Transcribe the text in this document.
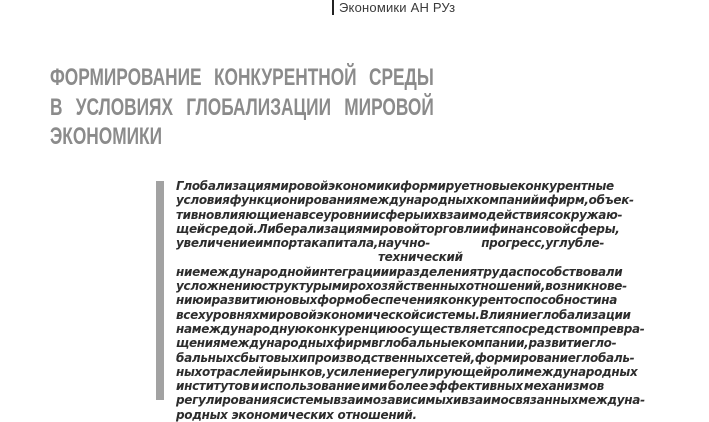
Экономики АН РУз
ФОРМИРОВАНИЕ КОНКУРЕНТНОЙ СРЕДЫ
В УСЛОВИЯХ ГЛОБАЛИЗАЦИИ МИРОВОЙ
ЭКОНОМИКИ
Глобализация мировой экономики формирует новые конкурентные
условия функционирования международных компаний и фирм, объек-
тивно влияющие на все уровни и сферы их взаимодействия с окружаю-
щей средой. Либерализация мировой торговли и финансовой сферы,
увеличение импорта капитала, научно-технический
прогресс, углубле-
ние международной интеграции и разделения труда способствовали
усложнению структуры мирохозяйственных отношений, возникнове-
нию и развитию новых форм обеспечения конкурентоспособности на
всех уровнях мировой экономической системы. Влияние глобализации
на международную конкуренцию осуществляется посредством превра-
щения международных фирм в глобальные компании, развитие гло-
бальных сбытовых и производственных сетей, формирование глобаль-
ных отраслей и рынков, усиление регулирующей роли международных
институтов и использование ими более эффективных механизмов
регулирования системы взаимозависимых и взаимосвязанных междуна-
родных экономических отношений.
